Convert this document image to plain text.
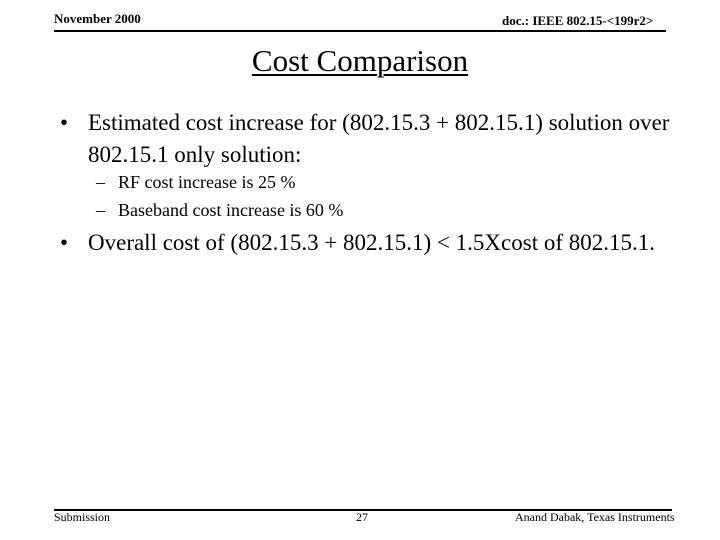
November 2000	doc.: IEEE 802.15-<199r2>
Cost Comparison
• Estimated cost increase for (802.15.3 + 802.15.1) solution over 802.15.1 only solution:
– RF cost increase is 25 %
– Baseband cost increase is 60 %
• Overall cost of (802.15.3 + 802.15.1) < 1.5Xcost of 802.15.1.
Submission	27	Anand Dabak, Texas Instruments
